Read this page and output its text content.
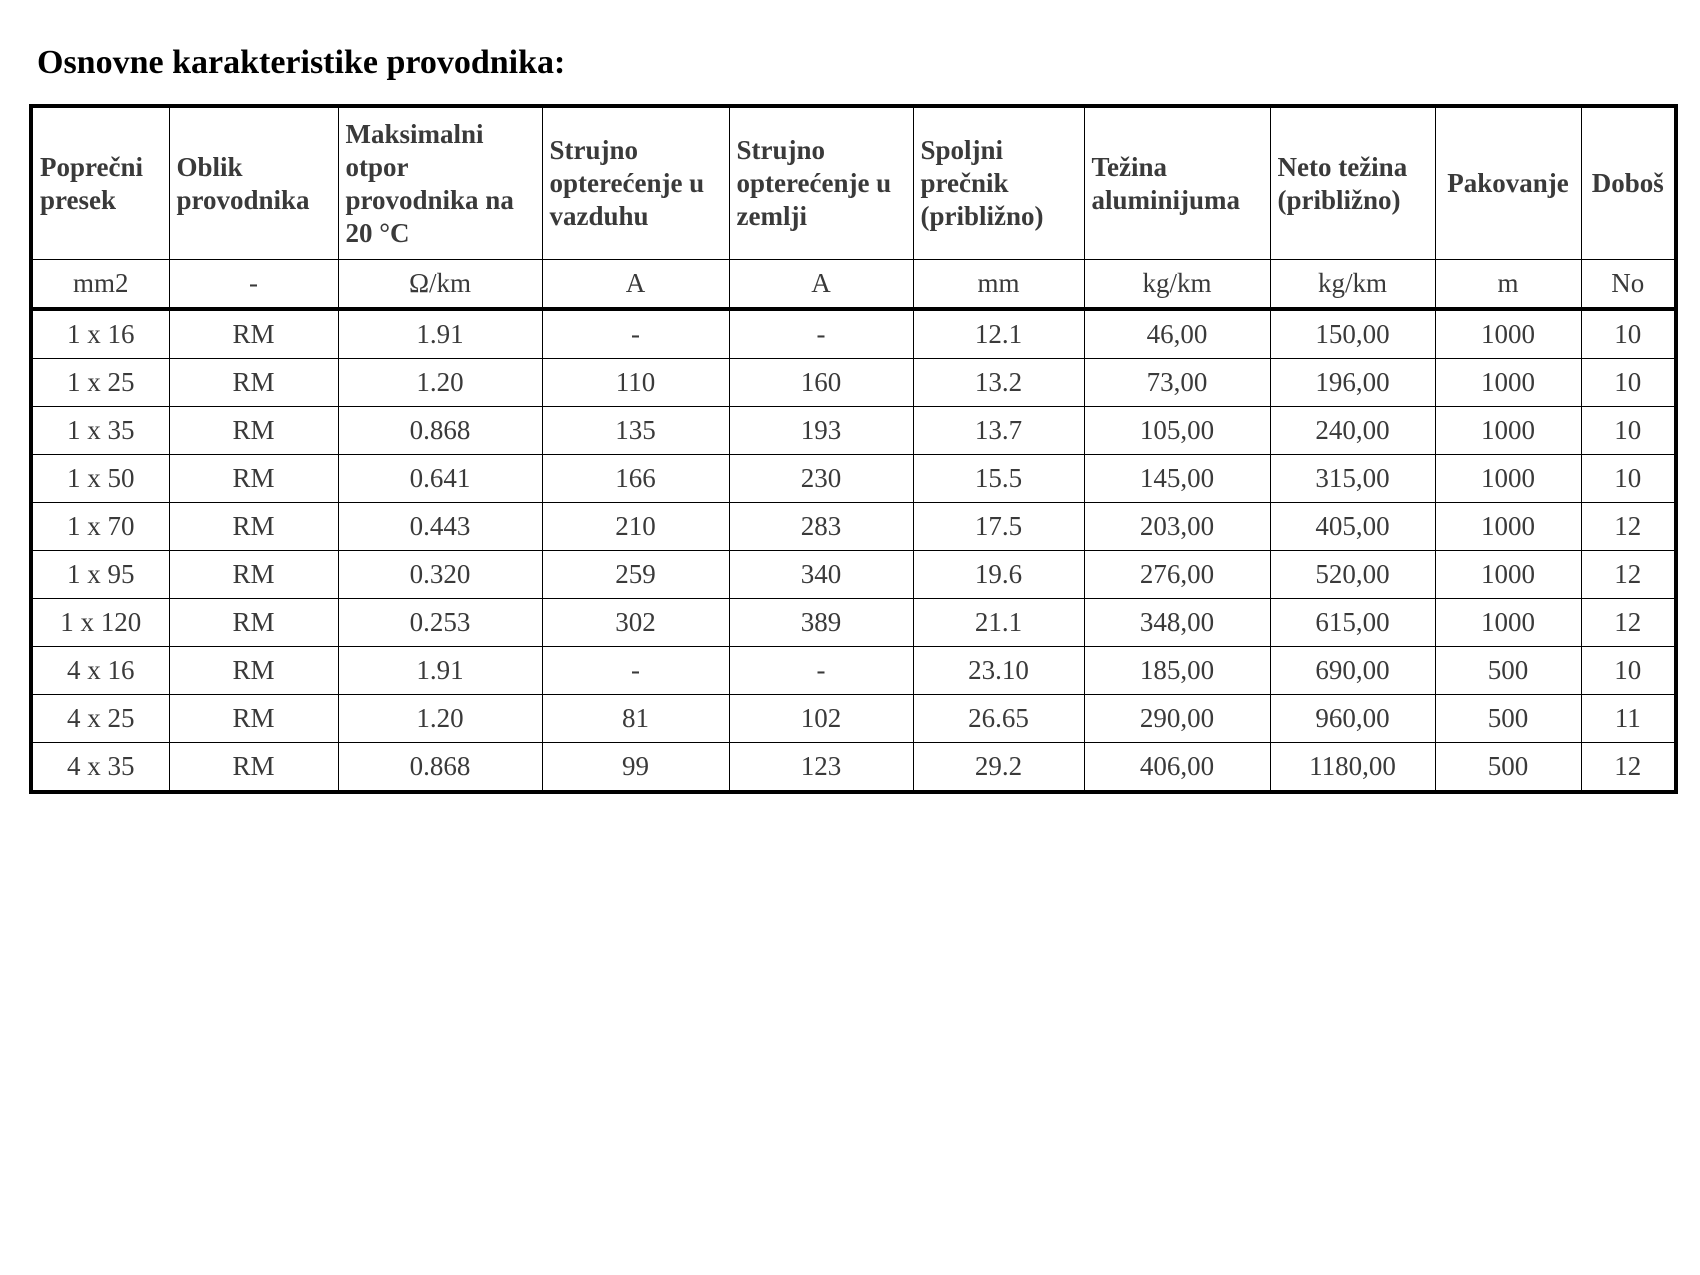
Osnovne karakteristike provodnika:
Poprečni
presek	Oblik
provodnika	Maksimalni
otpor
provodnika na
20 °C	Strujno
opterećenje u
vazduhu	Strujno
opterećenje u
zemlji	Spoljni
prečnik
(približno)	Težina
aluminijuma	Neto težina
(približno)	Pakovanje	Doboš

mm2	-	Ω/km	A	A	mm	kg/km	kg/km	m	No
1 x 16	RM	1.91	-	-	12.1	46,00	150,00	1000	10
1 x 25	RM	1.20	110	160	13.2	73,00	196,00	1000	10
1 x 35	RM	0.868	135	193	13.7	105,00	240,00	1000	10
1 x 50	RM	0.641	166	230	15.5	145,00	315,00	1000	10
1 x 70	RM	0.443	210	283	17.5	203,00	405,00	1000	12
1 x 95	RM	0.320	259	340	19.6	276,00	520,00	1000	12
1 x 120	RM	0.253	302	389	21.1	348,00	615,00	1000	12
4 x 16	RM	1.91	-	-	23.10	185,00	690,00	500	10
4 x 25	RM	1.20	81	102	26.65	290,00	960,00	500	11
4 x 35	RM	0.868	99	123	29.2	406,00	1180,00	500	12
